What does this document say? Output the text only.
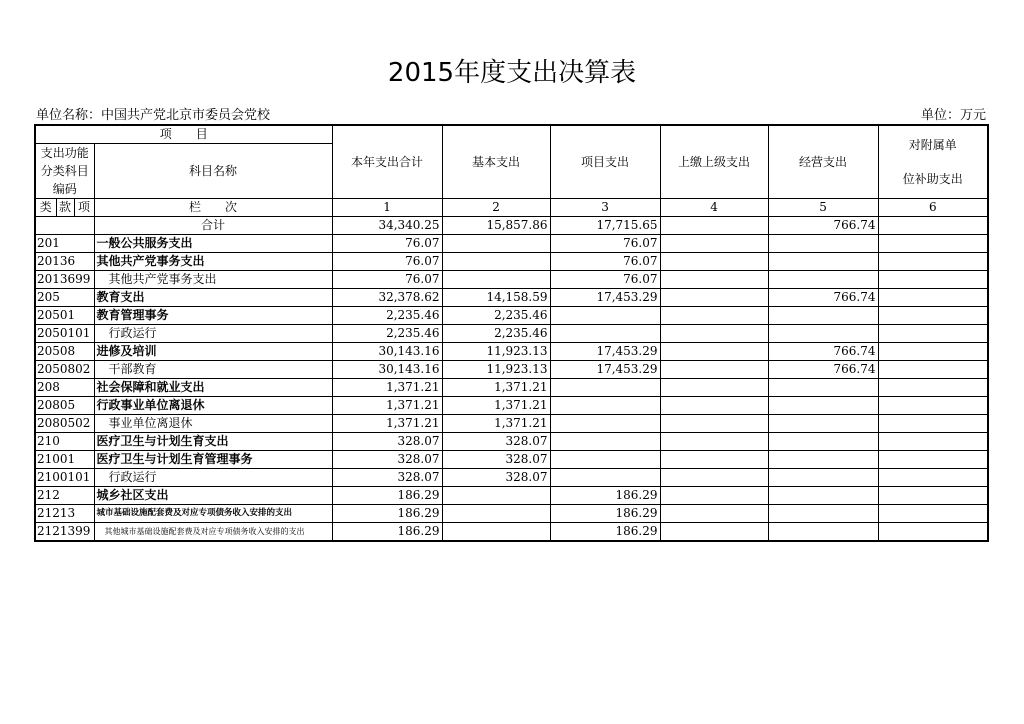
2015年度支出决算表
单位名称：中国共产党北京市委员会党校	单位：万元
项　　目				本年支出合计	基本支出	项目支出	上缴上级支出	经营支出	对附属单
位补助支出

支出功能分类科目编码			科目名称						
类	款	项						
			栏　　次	1	2	3	4	5	6
			合计	34,340.25	15,857.86	17,715.65		766.74	
201			一般公共服务支出	76.07		76.07			
20136			其他共产党事务支出	76.07		76.07			
2013699			其他共产党事务支出	76.07		76.07			
205			教育支出	32,378.62	14,158.59	17,453.29		766.74	
20501			教育管理事务	2,235.46	2,235.46				
2050101			行政运行	2,235.46	2,235.46				
20508			进修及培训	30,143.16	11,923.13	17,453.29		766.74	
2050802			干部教育	30,143.16	11,923.13	17,453.29		766.74	
208			社会保障和就业支出	1,371.21	1,371.21				
20805			行政事业单位离退休	1,371.21	1,371.21				
2080502			事业单位离退休	1,371.21	1,371.21				
210			医疗卫生与计划生育支出	328.07	328.07				
21001			医疗卫生与计划生育管理事务	328.07	328.07				
2100101			行政运行	328.07	328.07				
212			城乡社区支出	186.29		186.29			
21213			城市基础设施配套费及对应专项债务收入安排的支出	186.29		186.29			
2121399			其他城市基础设施配套费及对应专项债务收入安排的支出	186.29		186.29			
